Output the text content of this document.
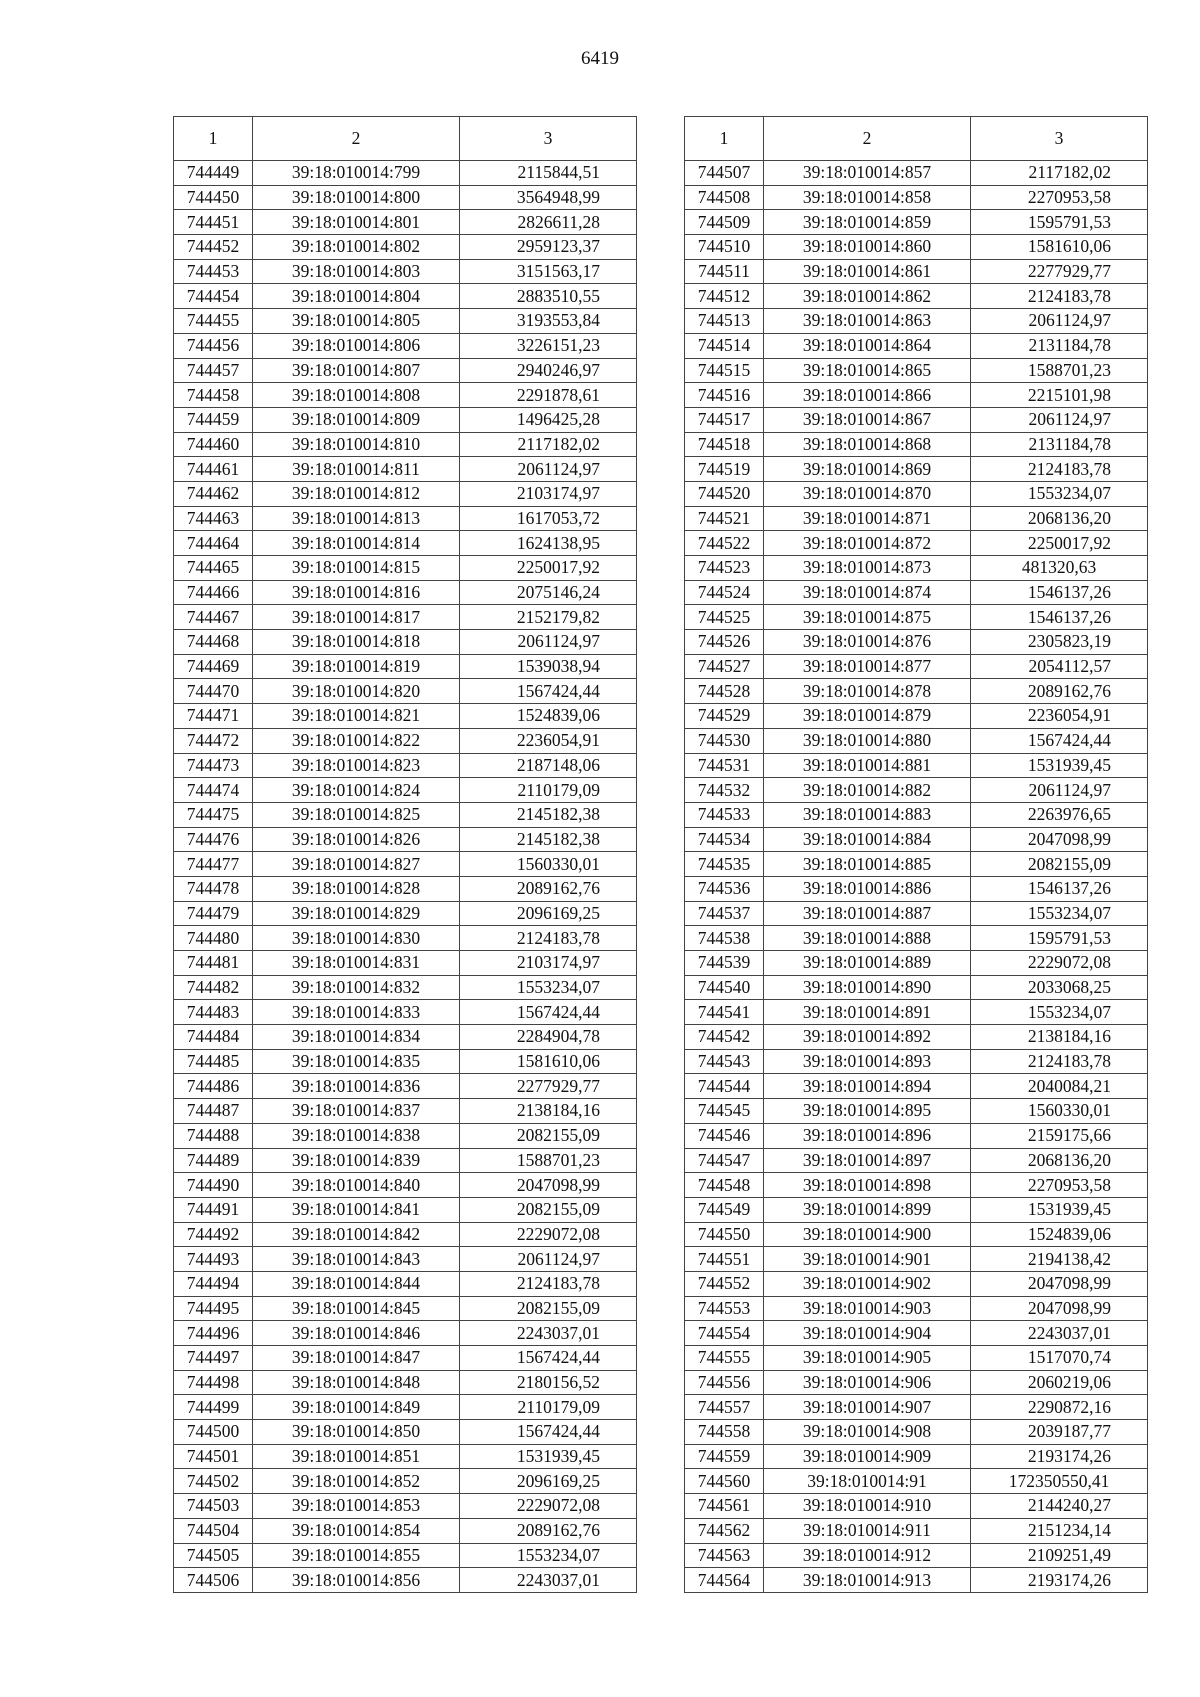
6419
1	2	3
744449	39:18:010014:799	2115844,51
744450	39:18:010014:800	3564948,99
744451	39:18:010014:801	2826611,28
744452	39:18:010014:802	2959123,37
744453	39:18:010014:803	3151563,17
744454	39:18:010014:804	2883510,55
744455	39:18:010014:805	3193553,84
744456	39:18:010014:806	3226151,23
744457	39:18:010014:807	2940246,97
744458	39:18:010014:808	2291878,61
744459	39:18:010014:809	1496425,28
744460	39:18:010014:810	2117182,02
744461	39:18:010014:811	2061124,97
744462	39:18:010014:812	2103174,97
744463	39:18:010014:813	1617053,72
744464	39:18:010014:814	1624138,95
744465	39:18:010014:815	2250017,92
744466	39:18:010014:816	2075146,24
744467	39:18:010014:817	2152179,82
744468	39:18:010014:818	2061124,97
744469	39:18:010014:819	1539038,94
744470	39:18:010014:820	1567424,44
744471	39:18:010014:821	1524839,06
744472	39:18:010014:822	2236054,91
744473	39:18:010014:823	2187148,06
744474	39:18:010014:824	2110179,09
744475	39:18:010014:825	2145182,38
744476	39:18:010014:826	2145182,38
744477	39:18:010014:827	1560330,01
744478	39:18:010014:828	2089162,76
744479	39:18:010014:829	2096169,25
744480	39:18:010014:830	2124183,78
744481	39:18:010014:831	2103174,97
744482	39:18:010014:832	1553234,07
744483	39:18:010014:833	1567424,44
744484	39:18:010014:834	2284904,78
744485	39:18:010014:835	1581610,06
744486	39:18:010014:836	2277929,77
744487	39:18:010014:837	2138184,16
744488	39:18:010014:838	2082155,09
744489	39:18:010014:839	1588701,23
744490	39:18:010014:840	2047098,99
744491	39:18:010014:841	2082155,09
744492	39:18:010014:842	2229072,08
744493	39:18:010014:843	2061124,97
744494	39:18:010014:844	2124183,78
744495	39:18:010014:845	2082155,09
744496	39:18:010014:846	2243037,01
744497	39:18:010014:847	1567424,44
744498	39:18:010014:848	2180156,52
744499	39:18:010014:849	2110179,09
744500	39:18:010014:850	1567424,44
744501	39:18:010014:851	1531939,45
744502	39:18:010014:852	2096169,25
744503	39:18:010014:853	2229072,08
744504	39:18:010014:854	2089162,76
744505	39:18:010014:855	1553234,07
744506	39:18:010014:856	2243037,01
1	2	3
744507	39:18:010014:857	2117182,02
744508	39:18:010014:858	2270953,58
744509	39:18:010014:859	1595791,53
744510	39:18:010014:860	1581610,06
744511	39:18:010014:861	2277929,77
744512	39:18:010014:862	2124183,78
744513	39:18:010014:863	2061124,97
744514	39:18:010014:864	2131184,78
744515	39:18:010014:865	1588701,23
744516	39:18:010014:866	2215101,98
744517	39:18:010014:867	2061124,97
744518	39:18:010014:868	2131184,78
744519	39:18:010014:869	2124183,78
744520	39:18:010014:870	1553234,07
744521	39:18:010014:871	2068136,20
744522	39:18:010014:872	2250017,92
744523	39:18:010014:873	481320,63
744524	39:18:010014:874	1546137,26
744525	39:18:010014:875	1546137,26
744526	39:18:010014:876	2305823,19
744527	39:18:010014:877	2054112,57
744528	39:18:010014:878	2089162,76
744529	39:18:010014:879	2236054,91
744530	39:18:010014:880	1567424,44
744531	39:18:010014:881	1531939,45
744532	39:18:010014:882	2061124,97
744533	39:18:010014:883	2263976,65
744534	39:18:010014:884	2047098,99
744535	39:18:010014:885	2082155,09
744536	39:18:010014:886	1546137,26
744537	39:18:010014:887	1553234,07
744538	39:18:010014:888	1595791,53
744539	39:18:010014:889	2229072,08
744540	39:18:010014:890	2033068,25
744541	39:18:010014:891	1553234,07
744542	39:18:010014:892	2138184,16
744543	39:18:010014:893	2124183,78
744544	39:18:010014:894	2040084,21
744545	39:18:010014:895	1560330,01
744546	39:18:010014:896	2159175,66
744547	39:18:010014:897	2068136,20
744548	39:18:010014:898	2270953,58
744549	39:18:010014:899	1531939,45
744550	39:18:010014:900	1524839,06
744551	39:18:010014:901	2194138,42
744552	39:18:010014:902	2047098,99
744553	39:18:010014:903	2047098,99
744554	39:18:010014:904	2243037,01
744555	39:18:010014:905	1517070,74
744556	39:18:010014:906	2060219,06
744557	39:18:010014:907	2290872,16
744558	39:18:010014:908	2039187,77
744559	39:18:010014:909	2193174,26
744560	39:18:010014:91	172350550,41
744561	39:18:010014:910	2144240,27
744562	39:18:010014:911	2151234,14
744563	39:18:010014:912	2109251,49
744564	39:18:010014:913	2193174,26
